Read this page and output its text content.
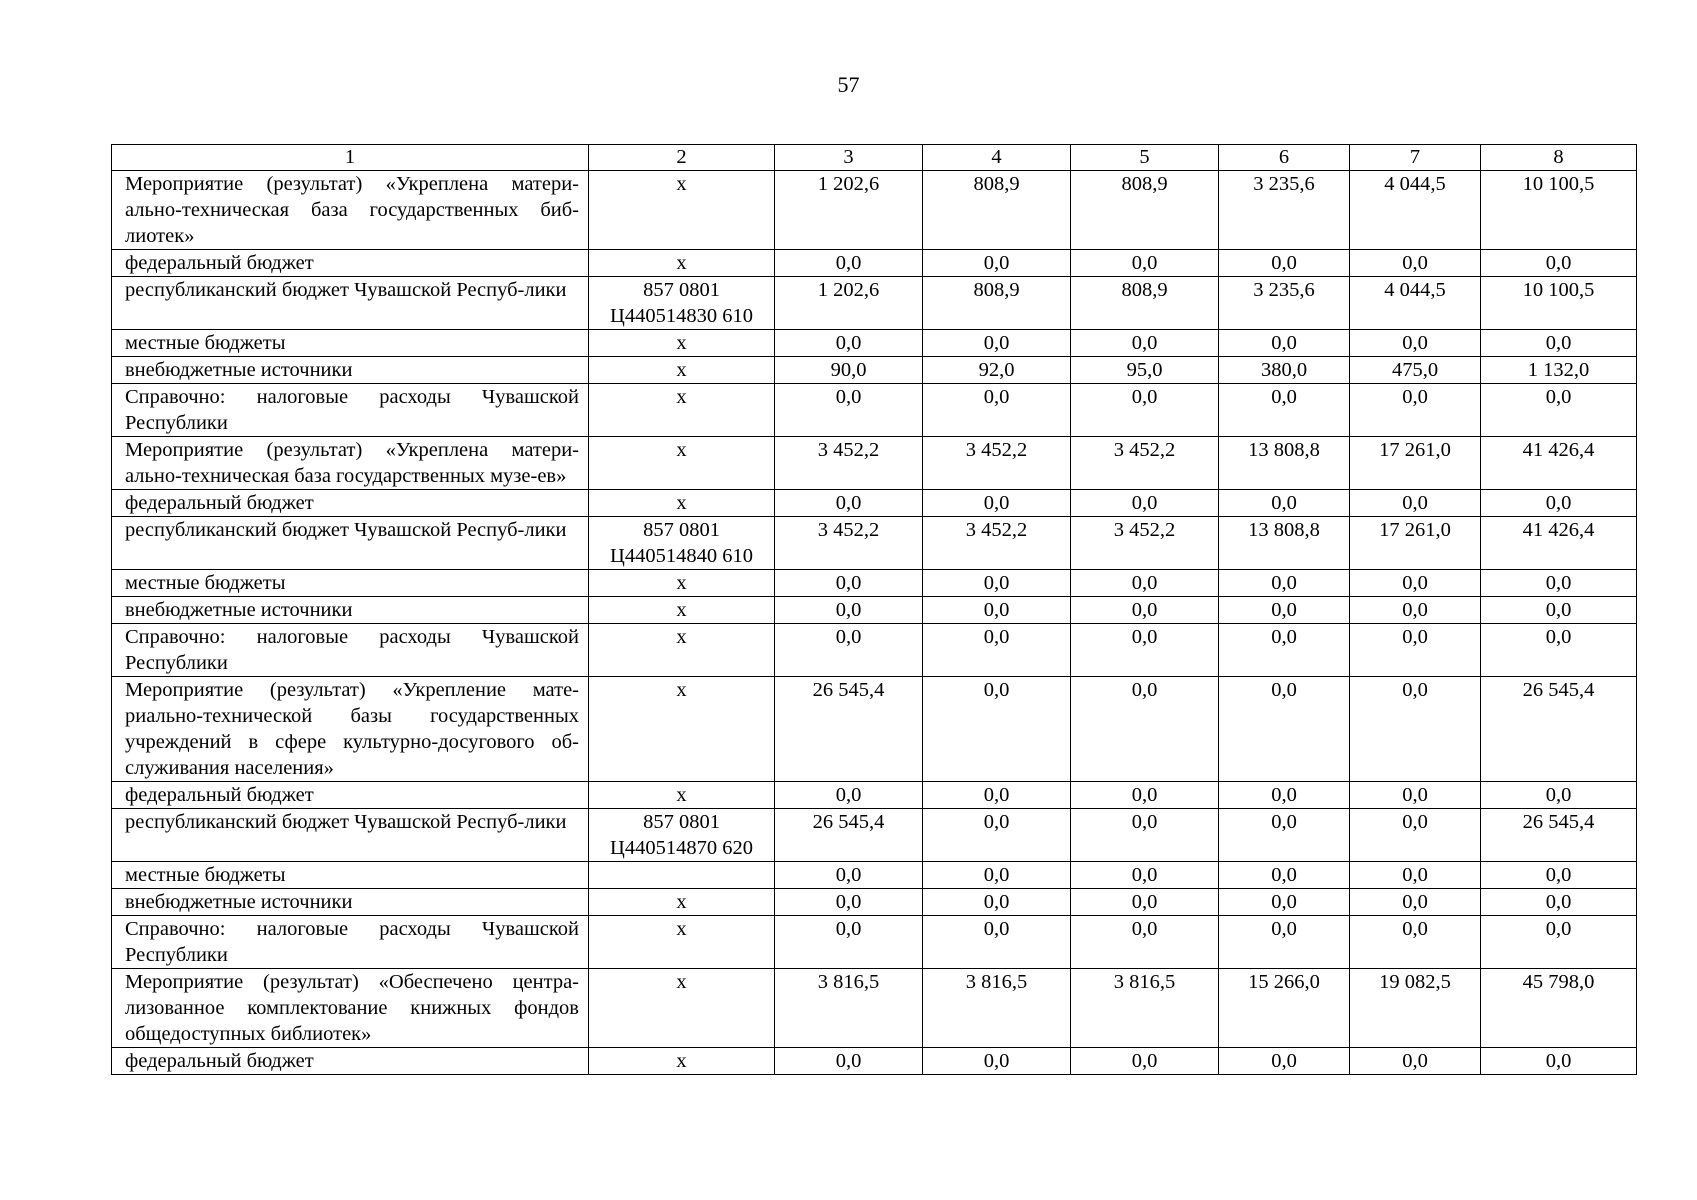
57
1	2	3	4	5	6	7	8
Мероприятие (результат) «Укреплена матери-ально-техническая база государственных биб-лиотек»	x	1 202,6	808,9	808,9	3 235,6	4 044,5	10 100,5
федеральный бюджет	x	0,0	0,0	0,0	0,0	0,0	0,0
республиканский бюджет Чувашской Респуб-лики	857 0801 Ц440514830 610	1 202,6	808,9	808,9	3 235,6	4 044,5	10 100,5
местные бюджеты	x	0,0	0,0	0,0	0,0	0,0	0,0
внебюджетные источники	x	90,0	92,0	95,0	380,0	475,0	1 132,0
Справочно: налоговые расходы Чувашской Республики	x	0,0	0,0	0,0	0,0	0,0	0,0
Мероприятие (результат) «Укреплена матери-ально-техническая база государственных музе-ев»	x	3 452,2	3 452,2	3 452,2	13 808,8	17 261,0	41 426,4
федеральный бюджет	x	0,0	0,0	0,0	0,0	0,0	0,0
республиканский бюджет Чувашской Респуб-лики	857 0801 Ц440514840 610	3 452,2	3 452,2	3 452,2	13 808,8	17 261,0	41 426,4
местные бюджеты	x	0,0	0,0	0,0	0,0	0,0	0,0
внебюджетные источники	x	0,0	0,0	0,0	0,0	0,0	0,0
Справочно: налоговые расходы Чувашской Республики	x	0,0	0,0	0,0	0,0	0,0	0,0
Мероприятие (результат) «Укрепление мате-риально-технической базы государственных учреждений в сфере культурно-досугового об-служивания населения»	x	26 545,4	0,0	0,0	0,0	0,0	26 545,4
федеральный бюджет	x	0,0	0,0	0,0	0,0	0,0	0,0
республиканский бюджет Чувашской Респуб-лики	857 0801 Ц440514870 620	26 545,4	0,0	0,0	0,0	0,0	26 545,4
местные бюджеты		0,0	0,0	0,0	0,0	0,0	0,0
внебюджетные источники	x	0,0	0,0	0,0	0,0	0,0	0,0
Справочно: налоговые расходы Чувашской Республики	x	0,0	0,0	0,0	0,0	0,0	0,0
Мероприятие (результат) «Обеспечено центра-лизованное комплектование книжных фондов общедоступных библиотек»	x	3 816,5	3 816,5	3 816,5	15 266,0	19 082,5	45 798,0
федеральный бюджет	x	0,0	0,0	0,0	0,0	0,0	0,0
